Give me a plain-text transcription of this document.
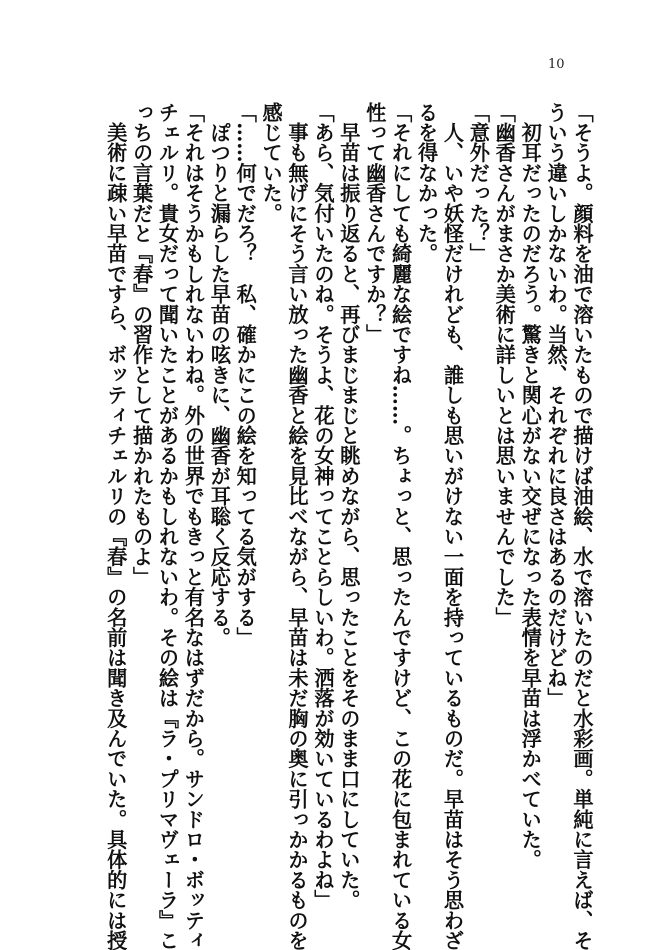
10
「そうよ。顔料を油で溶いたもので描けば油絵、水で溶いたのだと水彩画。単純に言えば、そ
ういう違いしかないわ。当然、それぞれに良さはあるのだけどね」
　初耳だったのだろう。驚きと関心がない交ぜになった表情を早苗は浮かべていた。
「幽香さんがまさか美術に詳しいとは思いませんでした」
「意外だった？」
　人、いや妖怪だけれども、誰しも思いがけない一面を持っているものだ。早苗はそう思わざ
るを得なかった。
「それにしても綺麗な絵ですね……。ちょっと、思ったんですけど、この花に包まれている女
性って幽香さんですか？」
　早苗は振り返ると、再びまじまじと眺めながら、思ったことをそのまま口にしていた。
「あら、気付いたのね。そうよ、花の女神ってことらしいわ。洒落が効いているわよね」
　事も無げにそう言い放った幽香と絵を見比べながら、早苗は未だ胸の奥に引っかかるものを
感じていた。
「……何でだろ？　私、確かにこの絵を知ってる気がする」
　ぽつりと漏らした早苗の呟きに、幽香が耳聡く反応する。
「それはそうかもしれないわね。外の世界でもきっと有名なはずだから。サンドロ・ボッティ
チェルリ。貴女だって聞いたことがあるかもしれないわ。その絵は『ラ・プリマヴェーラ』こ
っちの言葉だと『春』の習作として描かれたものよ」
　美術に疎い早苗ですら、ボッティチェルリの『春』の名前は聞き及んでいた。具体的には授
